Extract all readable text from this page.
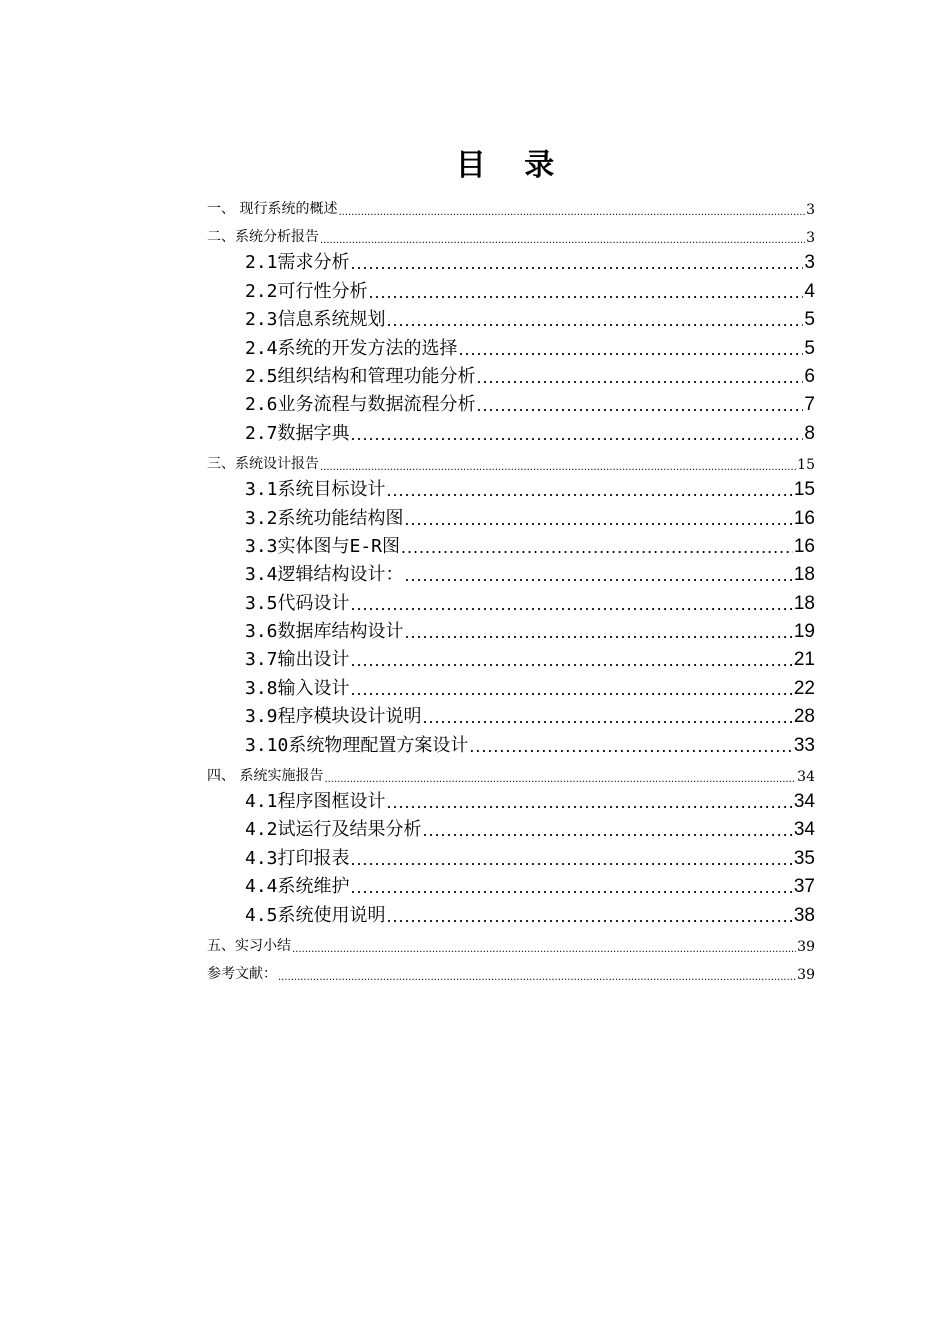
目 录
一、 现行系统的概述 .....	3
二、系统分析报告 .....	3
2.1需求分析 .....	3
2.2可行性分析 .....	4
2.3信息系统规划 .....	5
2.4系统的开发方法的选择 .....	5
2.5组织结构和管理功能分析 .....	6
2.6业务流程与数据流程分析 .....	7
2.7数据字典 .....	8
三、系统设计报告 .....	15
3.1系统目标设计 .....	15
3.2系统功能结构图 .....	16
3.3实体图与E-R图 .....	16
3.4逻辑结构设计： .....	18
3.5代码设计 .....	18
3.6数据库结构设计 .....	19
3.7输出设计 .....	21
3.8输入设计 .....	22
3.9程序模块设计说明 .....	28
3.10系统物理配置方案设计 .....	33
四、 系统实施报告 .....	34
4.1程序图框设计 .....	34
4.2试运行及结果分析 .....	34
4.3打印报表 .....	35
4.4系统维护 .....	37
4.5系统使用说明 .....	38
五、实习小结 .....	39
参考文献： .....	39
